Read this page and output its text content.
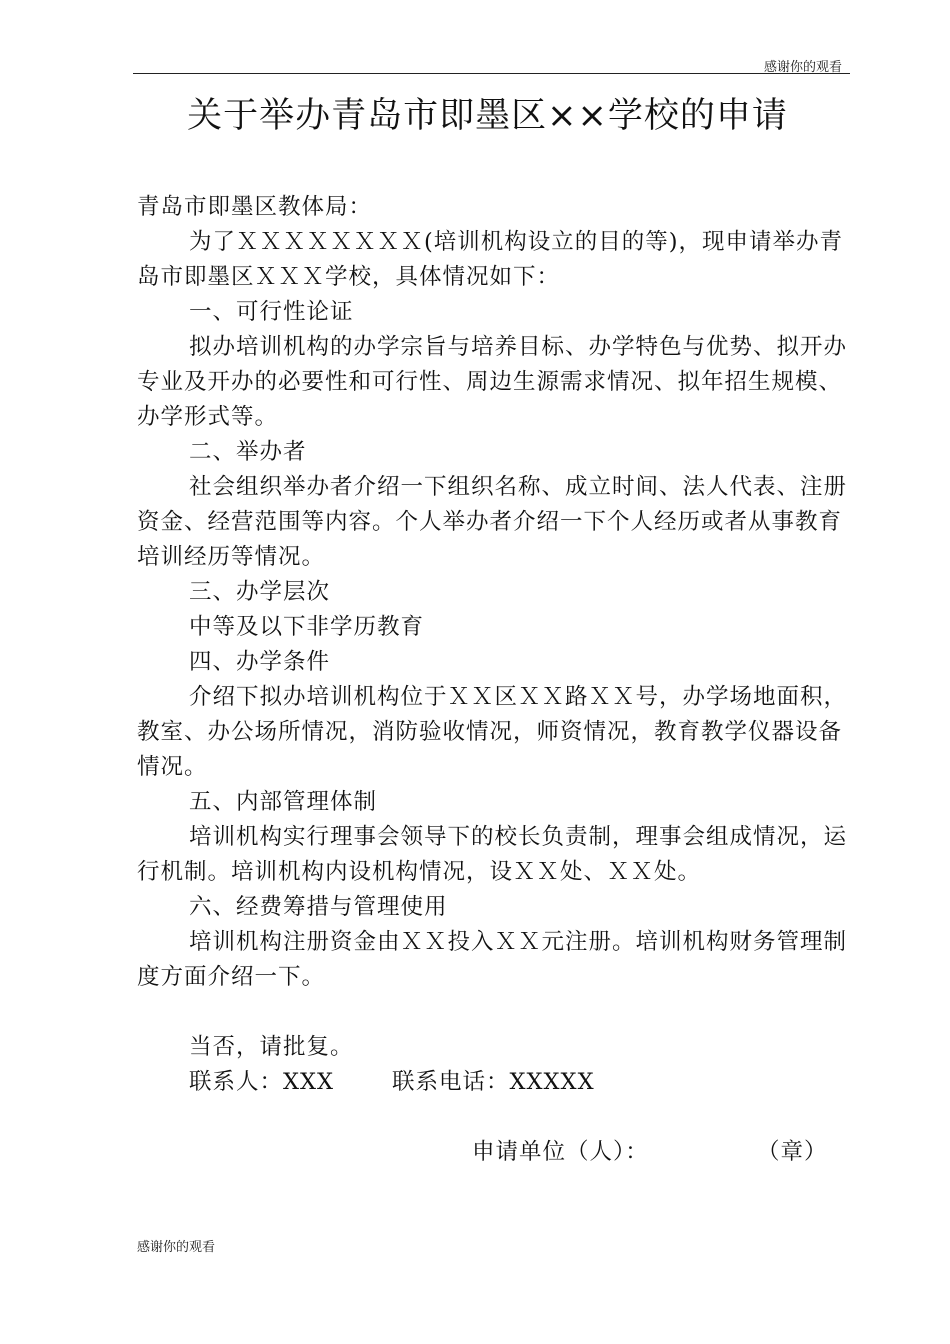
感谢你的观看
关于举办青岛市即墨区××学校的申请

青岛市即墨区教体局：

为了ＸＸＸＸＸＸＸＸ(培训机构设立的目的等)，现申请举办青岛市即墨区ＸＸＸ学校，具体情况如下：

一、可行性论证

拟办培训机构的办学宗旨与培养目标、办学特色与优势、拟开办专业及开办的必要性和可行性、周边生源需求情况、拟年招生规模、办学形式等。

二、举办者

社会组织举办者介绍一下组织名称、成立时间、法人代表、注册资金、经营范围等内容。个人举办者介绍一下个人经历或者从事教育培训经历等情况。

三、办学层次

中等及以下非学历教育

四、办学条件

介绍下拟办培训机构位于ＸＸ区ＸＸ路ＸＸ号，办学场地面积，教室、办公场所情况，消防验收情况，师资情况，教育教学仪器设备情况。

五、内部管理体制

培训机构实行理事会领导下的校长负责制，理事会组成情况，运行机制。培训机构内设机构情况，设ＸＸ处、ＸＸ处。

六、经费筹措与管理使用

培训机构注册资金由ＸＸ投入ＸＸ元注册。培训机构财务管理制度方面介绍一下。

当否，请批复。

联系人：XXX	联系电话：XXXXX
申请单位（人）：	（章）
感谢你的观看
